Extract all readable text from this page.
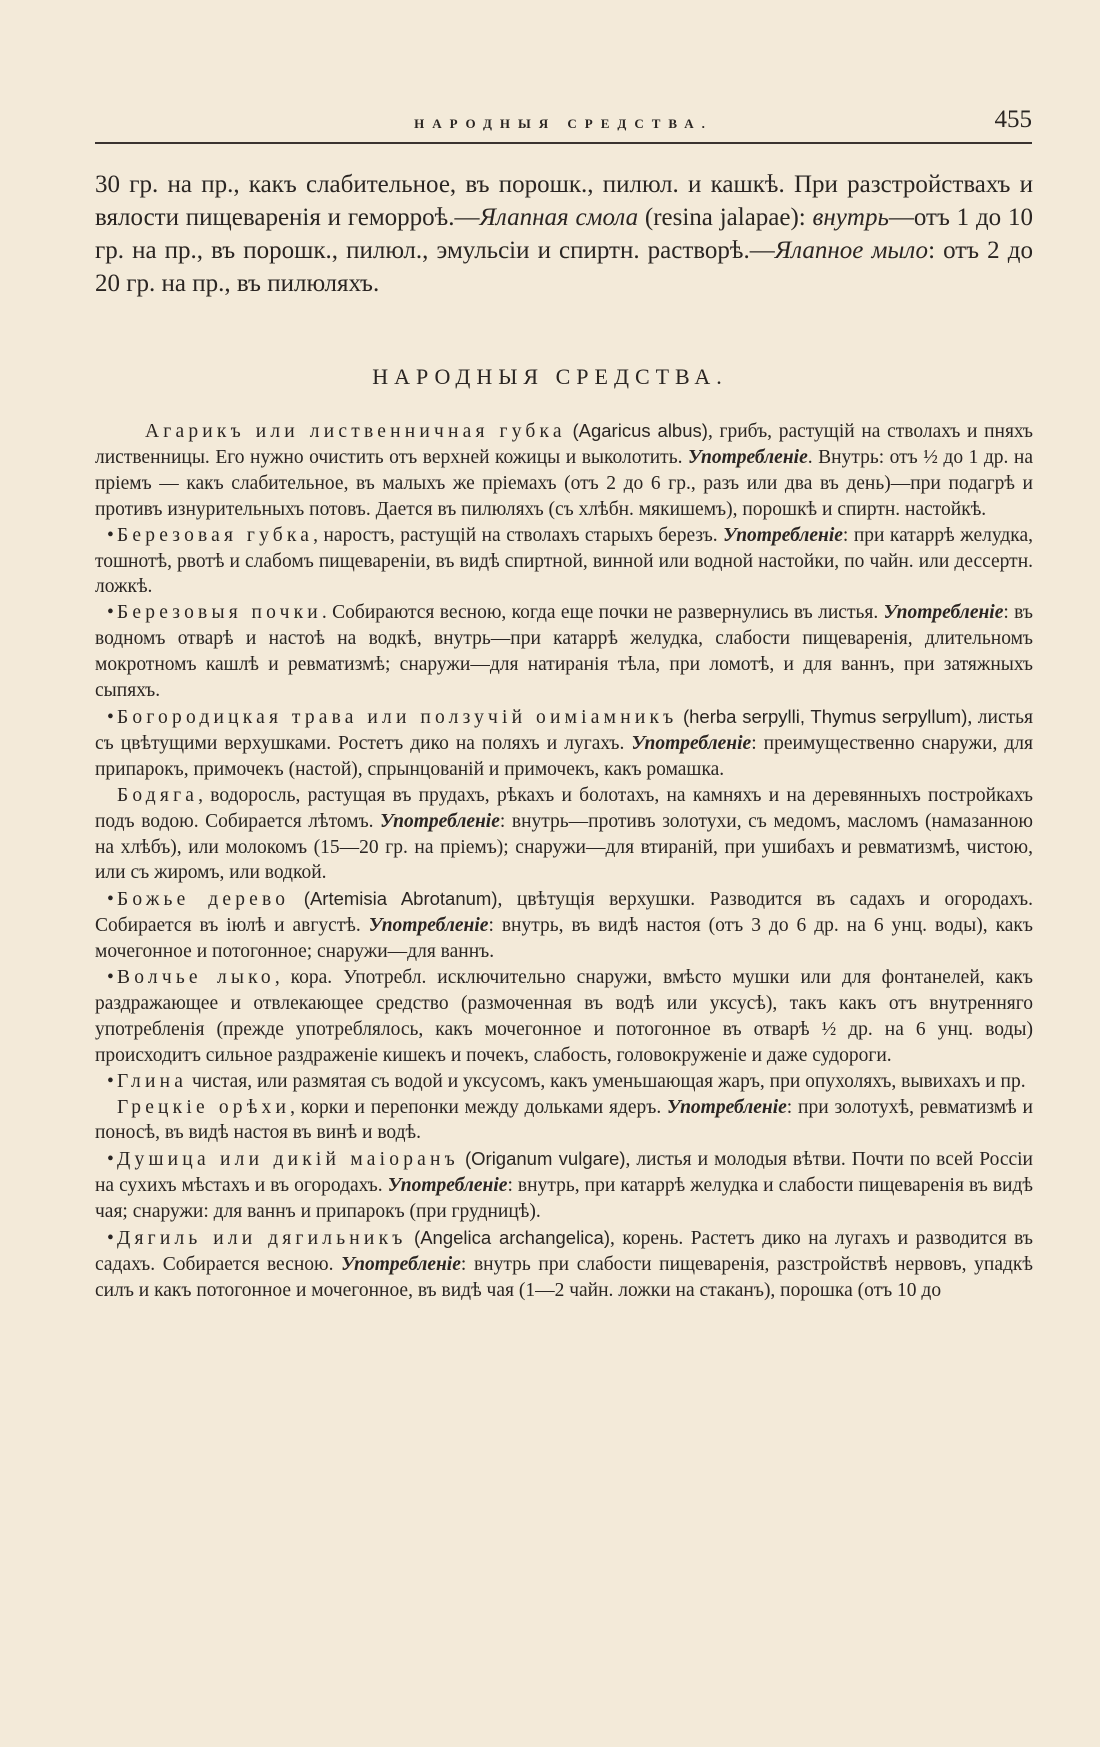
НАРОДНЫЯ СРЕДСТВА.	455
30 гр. на пр., какъ слабительное, въ порошк., пилюл. и кашкѣ. При разстройствахъ и вялости пищеваренія и геморроѣ.—Ялапная смола (resina jalapae): внутрь—отъ 1 до 10 гр. на пр., въ порошк., пилюл., эмульсіи и спиртн. растворѣ.—Ялапное мыло: отъ 2 до 20 гр. на пр., въ пилюляхъ.
НАРОДНЫЯ СРЕДСТВА.

Агарикъ или лиственничная губка (Agaricus albus), грибъ, растущій на стволахъ и пняхъ лиственницы. Его нужно очистить отъ верхней кожицы и выколотить. Употребленіе. Внутрь: отъ ½ до 1 др. на пріемъ — какъ слабительное, въ малыхъ же пріемахъ (отъ 2 до 6 гр., разъ или два въ день)—при подагрѣ и противъ изнурительныхъ потовъ. Дается въ пилюляхъ (съ хлѣбн. мякишемъ), порошкѣ и спиртн. настойкѣ.

• Березовая губка, наростъ, растущій на стволахъ старыхъ березъ. Употребленіе: при катаррѣ желудка, тошнотѣ, рвотѣ и слабомъ пищевареніи, въ видѣ спиртной, винной или водной настойки, по чайн. или дессертн. ложкѣ.

• Березовыя почки. Собираются весною, когда еще почки не развернулись въ листья. Употребленіе: въ водномъ отварѣ и настоѣ на водкѣ, внутрь—при катаррѣ желудка, слабости пищеваренія, длительномъ мокротномъ кашлѣ и ревматизмѣ; снаружи—для натиранія тѣла, при ломотѣ, и для ваннъ, при затяжныхъ сыпяхъ.

• Богородицкая трава или ползучій оимiамникъ (herba serpylli, Thymus serpyllum), листья съ цвѣтущими верхушками. Ростетъ дико на поляхъ и лугахъ. Употребленіе: преимущественно снаружи, для припарокъ, примочекъ (настой), спрынцованій и примочекъ, какъ ромашка.

Бодяга, водоросль, растущая въ прудахъ, рѣкахъ и болотахъ, на камняхъ и на деревянныхъ постройкахъ подъ водою. Собирается лѣтомъ. Употребленіе: внутрь—противъ золотухи, съ медомъ, масломъ (намазанною на хлѣбъ), или молокомъ (15—20 гр. на пріемъ); снаружи—для втираній, при ушибахъ и ревматизмѣ, чистою, или съ жиромъ, или водкой.

• Божье дерево (Artemisia Abrotanum), цвѣтущія верхушки. Разводится въ садахъ и огородахъ. Собирается въ іюлѣ и августѣ. Употребленіе: внутрь, въ видѣ настоя (отъ 3 до 6 др. на 6 унц. воды), какъ мочегонное и потогонное; снаружи—для ваннъ.

• Волчье лыко, кора. Употребл. исключительно снаружи, вмѣсто мушки или для фонтанелей, какъ раздражающее и отвлекающее средство (размоченная въ водѣ или уксусѣ), такъ какъ отъ внутренняго употребленія (прежде употреблялось, какъ мочегонное и потогонное въ отварѣ ½ др. на 6 унц. воды) происходитъ сильное раздраженіе кишекъ и почекъ, слабость, головокруженіе и даже судороги.

• Глина чистая, или размятая съ водой и уксусомъ, какъ уменьшающая жаръ, при опухоляхъ, вывихахъ и пр.

Грецкіе орѣхи, корки и перепонки между дольками ядеръ. Употребленіе: при золотухѣ, ревматизмѣ и поносѣ, въ видѣ настоя въ винѣ и водѣ.

• Душица или дикій маіоранъ (Origanum vulgare), листья и молодыя вѣтви. Почти по всей Россіи на сухихъ мѣстахъ и въ огородахъ. Употребленіе: внутрь, при катаррѣ желудка и слабости пищеваренія въ видѣ чая; снаружи: для ваннъ и припарокъ (при грудницѣ).

• Дягиль или дягильникъ (Angelica archangelica), корень. Растетъ дико на лугахъ и разводится въ садахъ. Собирается весною. Употребленіе: внутрь при слабости пищеваренія, разстройствѣ нервовъ, упадкѣ силъ и какъ потогонное и мочегонное, въ видѣ чая (1—2 чайн. ложки на стаканъ), порошка (отъ 10 до
